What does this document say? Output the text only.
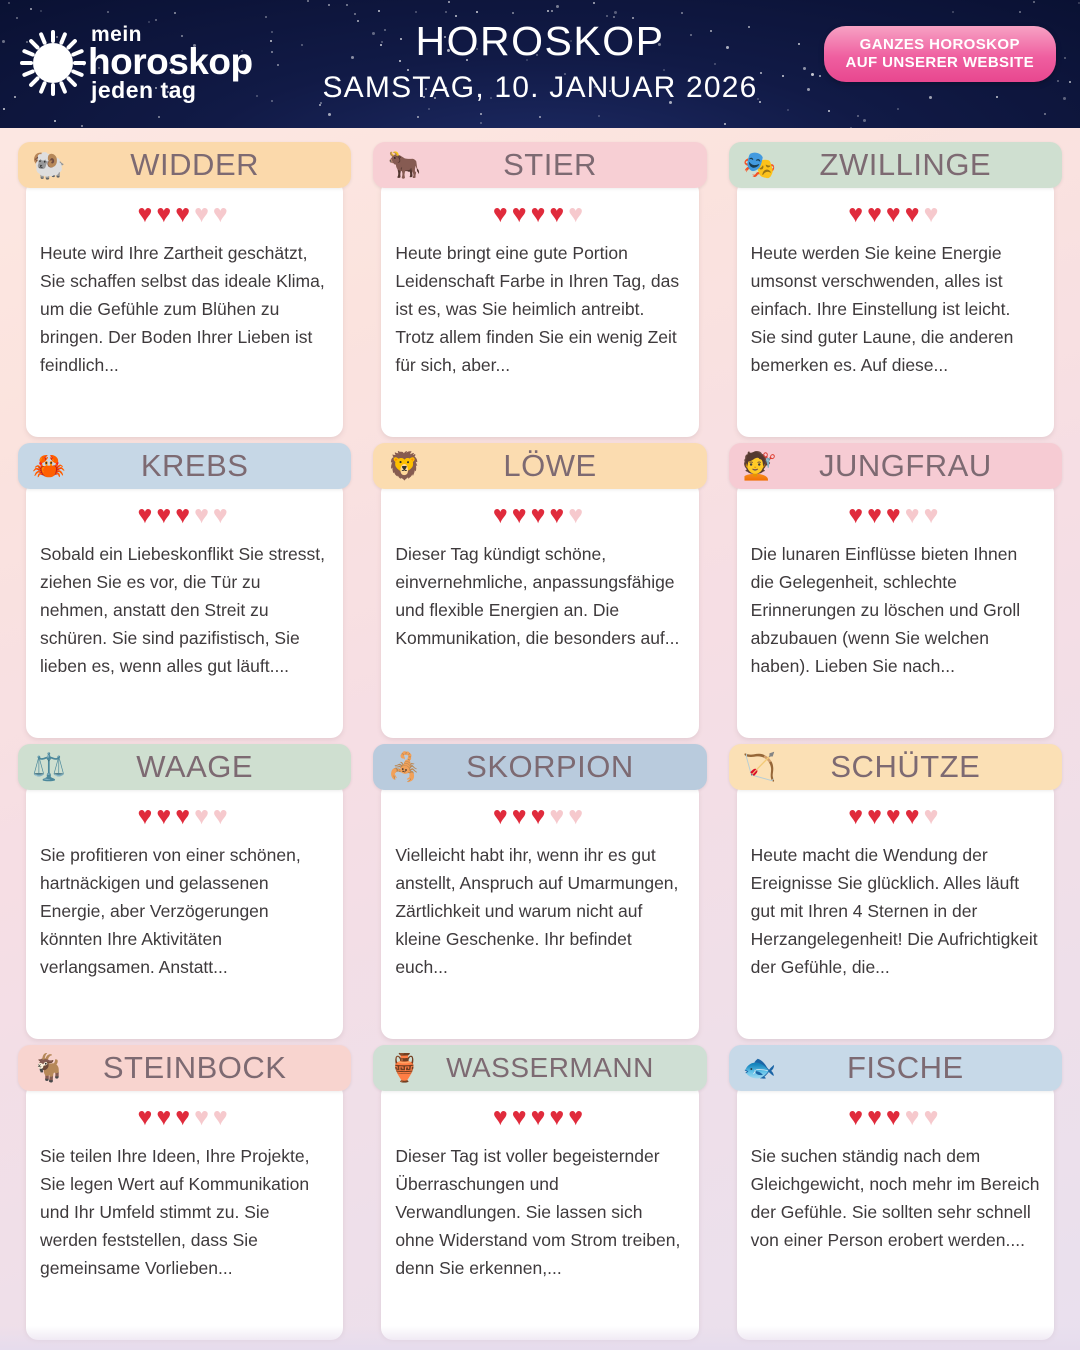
mein
horoskop
jeden tag
HOROSKOP
SAMSTAG, 10. JANUAR 2026
GANZES HOROSKOP
AUF UNSERER WEBSITE
🐏	WIDDER
♥♥♥♥♥
Heute wird Ihre Zartheit geschätzt, Sie schaffen selbst das ideale Klima, um die Gefühle zum Blühen zu bringen. Der Boden Ihrer Lieben ist feindlich...
🐂	STIER
♥♥♥♥♥
Heute bringt eine gute Portion Leidenschaft Farbe in Ihren Tag, das ist es, was Sie heimlich antreibt. Trotz allem finden Sie ein wenig Zeit für sich, aber...
🎭	ZWILLINGE
♥♥♥♥♥
Heute werden Sie keine Energie umsonst verschwenden, alles ist einfach. Ihre Einstellung ist leicht. Sie sind guter Laune, die anderen bemerken es. Auf diese...
🦀	KREBS
♥♥♥♥♥
Sobald ein Liebeskonflikt Sie stresst, ziehen Sie es vor, die Tür zu nehmen, anstatt den Streit zu schüren. Sie sind pazifistisch, Sie lieben es, wenn alles gut läuft....
🦁	LÖWE
♥♥♥♥♥
Dieser Tag kündigt schöne, einvernehmliche, anpassungsfähige und flexible Energien an. Die Kommunikation, die besonders auf...
💇	JUNGFRAU
♥♥♥♥♥
Die lunaren Einflüsse bieten Ihnen die Gelegenheit, schlechte Erinnerungen zu löschen und Groll abzubauen (wenn Sie welchen haben). Lieben Sie nach...
⚖️	WAAGE
♥♥♥♥♥
Sie profitieren von einer schönen, hartnäckigen und gelassenen Energie, aber Verzögerungen könnten Ihre Aktivitäten verlangsamen. Anstatt...
🦂	SKORPION
♥♥♥♥♥
Vielleicht habt ihr, wenn ihr es gut anstellt, Anspruch auf Umarmungen, Zärtlichkeit und warum nicht auf kleine Geschenke. Ihr befindet euch...
🏹	SCHÜTZE
♥♥♥♥♥
Heute macht die Wendung der Ereignisse Sie glücklich. Alles läuft gut mit Ihren 4 Sternen in der Herzangelegenheit! Die Aufrichtigkeit der Gefühle, die...
🐐	STEINBOCK
♥♥♥♥♥
Sie teilen Ihre Ideen, Ihre Projekte, Sie legen Wert auf Kommunikation und Ihr Umfeld stimmt zu. Sie werden feststellen, dass Sie gemeinsame Vorlieben...
🏺 WASSERMANN
♥♥♥♥♥
Dieser Tag ist voller begeisternder Überraschungen und Verwandlungen. Sie lassen sich ohne Widerstand vom Strom treiben, denn Sie erkennen,...
🐟	FISCHE
♥♥♥♥♥
Sie suchen ständig nach dem Gleichgewicht, noch mehr im Bereich der Gefühle. Sie sollten sehr schnell von einer Person erobert werden....
